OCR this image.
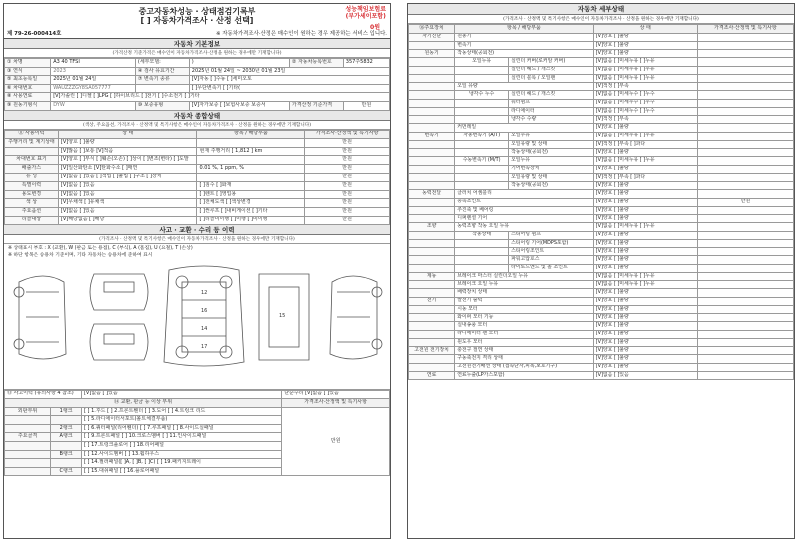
중고자동차성능 · 상태점검기록부
[ ] 자동차가격조사 · 산정 선택]
성능책임보험료
(부가세이포함)
0원
제 79-26-000414호	※ 자동차가격조사·산정은 매수인이 원하는 경우 제공하는 서비스 입니다.
자동차 기본정보
(가격산정 기준가격은 매수인이 자동차가격조사·산정을 원하는 경우에만 기재합니다)
① 차명	A3 40 TFSI	(세부모델:	)	② 자동차등록번호	357주5832
③ 연식	2023	④ 검사 유효기간	2025년 01월 24일 ~ 2030년 01월 23일		
⑤ 최초등록일	2025년 01월 24일	⑦ 변속기 종류	[V]자동 [ ]수동 [ ]세미오토		
⑥ 차대번호	WAUZZZGY8SA057777		[ ]무단변속기 [ ]기타(		
⑧ 사용연료	[V]가솔린 [ ]디젤 [ ]LPG [ ]하이브리드 [ ]전기 [ ]수소전기 [ ]기타				
⑨ 원동기형식	DYW	⑩ 보증유형	[V]자가보증 [ ]보험사보증 보증서	가격산정 기준가격	만원
자동차 종합상태
(색상, 주요옵션, 가격조사 · 산정액 및 특기사항은 매수인이 자동차가격조사 · 산정을 원하는 경우에만 기재합니다)
⑪ 사용이력	상 태	항목 / 해당부품	가격조사·산정액 및 특기사항
주행거리 및 계기상태	[V]양호 [ ]불량		만원
	[V]많음 [ ]보통 [V]적음	현재 주행거리 [ 1,812 ] km	만원
차대번호 표기	[V]양호 [ ]부식 [ ]훼손(오손) [ ]상이 [ ]변조(변타) [ ]도말		만원
배출가스	[V]일산화탄소 [V]탄화수소 [ ]매연	0.01 %, 1 ppm, %	만원
튜 닝	[V]없음 [ ]있음 [ ]적법 [ ]불법 [ ]구조 [ ]장치		만원
특별이력	[V]없음 [ ]있음	[ ]침수 [ ]화재	만원
용도변경	[V]없음 [ ]있음	[ ]렌트 [ ]영업용	만원
색 상	[V]무채색 [ ]유채색	[ ]전체도색 [ ]색상변경	만원
주요옵션	[V]없음 [ ]있음	[ ]썬루프 [ ]내비게이션 [ ]기타	만원
리콜대상	[V]해당없음 [ ]해당	[ ]리콜미이행 [ ]이행 [ ]미이행	만원
사고 · 교환 · 수리 등 이력
(가격조사 · 산정액 및 특기사항은 매수인이 자동차가격조사 · 산정을 원하는 경우에만 기재합니다)
※ 상태표시 부호 : X (교환), W (판금 또는 용접), C (부식), A (흠집), U (요철), T (손상)
※ 하단 항목은 승용차 기준이며, 기타 자동차는 승용차에 준하여 표시
12
16
14
17
15
⑬ 사고이력 (유의사항 4 참조)		[V]없음 [ ]있음	단순수리 [V]없음 [ ]있음
⑭ 교환, 판금 등 이상 부위			가격조사·산정액 및 특기사항
외판부위	1랭크	[ ] 1.후드 [ ] 2.프론트휀더 [ ] 3.도어 [ ] 4.트렁크 리드	만원
		[ ] 5.라디에이터서포트(볼트체결부품)	
	2랭크	[ ] 6.쿼터패널(리어휀더) [ ] 7.루프패널 [ ] 8.사이드실패널	
주요골격	A랭크	[ ] 9.프론트패널 [ ] 10.크로스멤버 [ ] 11.인사이드패널	
		[ ] 17.트렁크플로어 [ ] 18.리어패널	
	B랭크	[ ] 12.사이드멤버 [ ] 13.휠하우스	
		[ ] 14.필러패널([ ]A, [ ]B, [ ]C) [ ] 19.패키지트레이	
	C랭크	[ ] 15.대쉬패널 [ ] 16.플로어패널	
자동차 세부상태
(가격조사 · 산정액 및 특기사항은 매수인이 자동차가격조사 · 산정을 원하는 경우에만 기재합니다)
⑯주요장치	항목 / 해당부품		상 태	가격조사·산정액 및 특기사항
자기진단	원동기		[V]양호 [ ]불량	
	변속기		[V]양호 [ ]불량	
원동기	작동상태(공회전)		[V]양호 [ ]불량	
	오일누유	실린더 커버(로커암 커버)	[V]없음 [ ]미세누유 [ ]누유	
		실린더 헤드 / 개스킷	[V]없음 [ ]미세누유 [ ]누유	
		실린더 블록 / 오일팬	[V]없음 [ ]미세누유 [ ]누유	
	오일 유량		[V]적정 [ ]부족	
	냉각수 누수	실린더 헤드 / 개스킷	[V]없음 [ ]미세누수 [ ]누수	
		워터펌프	[V]없음 [ ]미세누수 [ ]누수	
		라디에이터	[V]없음 [ ]미세누수 [ ]누수	
		냉각수 수량	[V]적정 [ ]부족	
	커먼레일		[V]양호 [ ]불량	
변속기	자동변속기 (A/T)	오일누유	[V]없음 [ ]미세누유 [ ]누유	
		오일유량 및 상태	[V]적정 [ ]부족 [ ]과다	
		작동상태(공회전)	[V]양호 [ ]불량	
	수동변속기 (M/T)	오일누유	[V]없음 [ ]미세누유 [ ]누유	
		기어변속장치	[V]양호 [ ]불량	
		오일유량 및 상태	[V]적정 [ ]부족 [ ]과다	
		작동상태(공회전)	[V]양호 [ ]불량	
동력전달	클러치 어셈블리		[V]양호 [ ]불량	
	등속조인트		[V]양호 [ ]불량	만원
	추진축 및 베어링		[V]양호 [ ]불량	
	디퍼렌셜 기어		[V]양호 [ ]불량	
조향	동력조향 작동 오일 누유		[V]없음 [ ]미세누유 [ ]누유	
	작동상태	스티어링 펌프	[V]양호 [ ]불량	
		스티어링 기어(MDPS포함)	[V]양호 [ ]불량	
		스티어링조인트	[V]양호 [ ]불량	
		파워고압호스	[V]양호 [ ]불량	
		타이로드엔드 및 볼 조인트	[V]양호 [ ]불량	
제동	브레이크 마스터 실린더오일 누유		[V]없음 [ ]미세누유 [ ]누유	
	브레이크 오일 누유		[V]없음 [ ]미세누유 [ ]누유	
	배력장치 상태		[V]양호 [ ]불량	
전기	발전기 출력		[V]양호 [ ]불량	
	시동 모터		[V]양호 [ ]불량	
	와이퍼 모터 기능		[V]양호 [ ]불량	
	실내송풍 모터		[V]양호 [ ]불량	
	라디에이터 팬 모터		[V]양호 [ ]불량	
	윈도우 모터		[V]양호 [ ]불량	
고전원 전기장치	충전구 절연 상태		[V]양호 [ ]불량	
	구동축전지 격리 상태		[V]양호 [ ]불량	
	고전원전기배선 상태 (접속단자,피복,보호기구)		[V]양호 [ ]불량	
연료	연료누출(LP가스포함)		[V]없음 [ ]있음	
